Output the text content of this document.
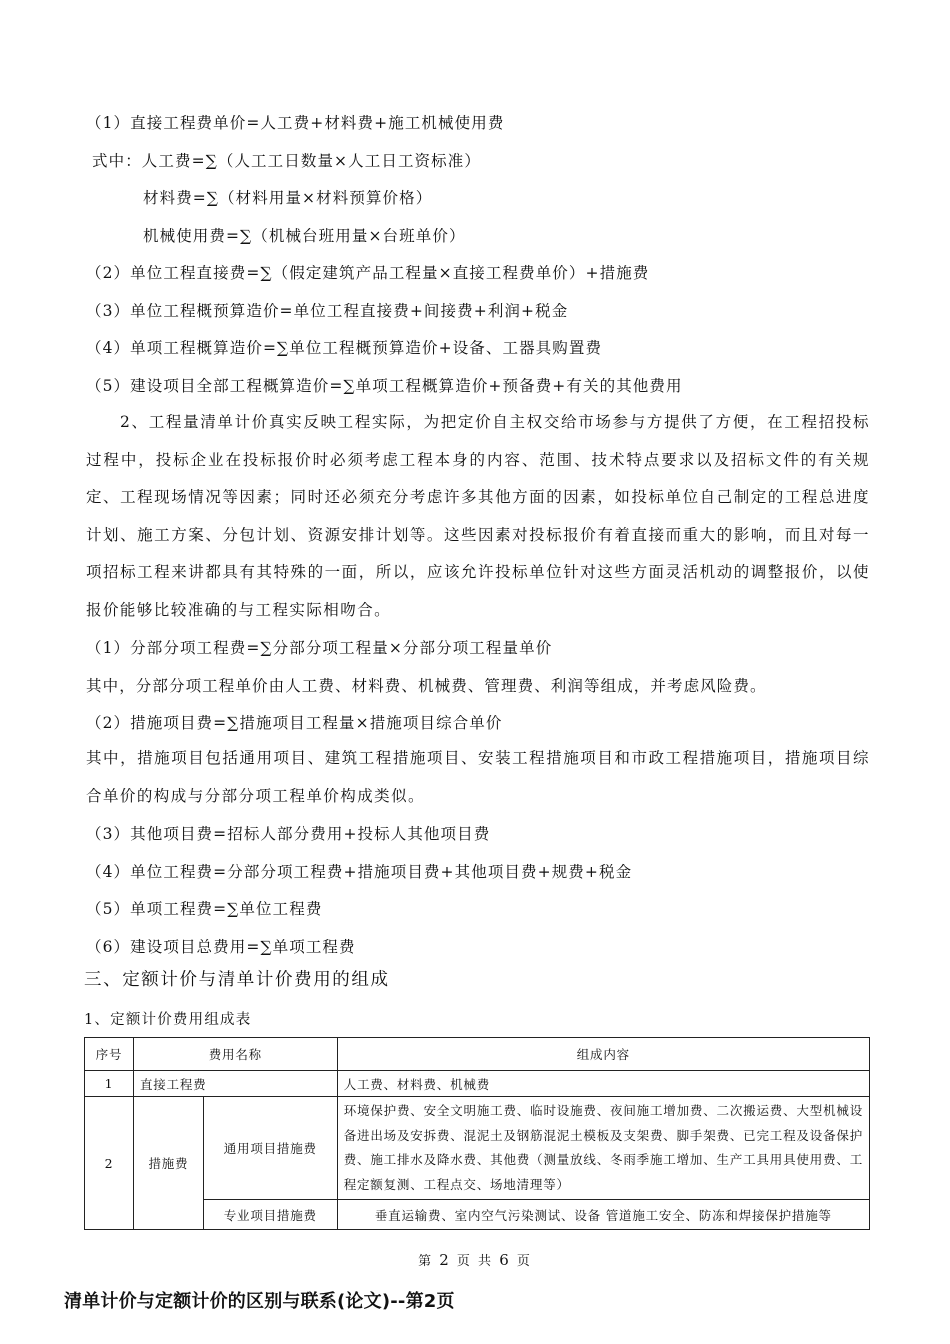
（1）直接工程费单价=人工费+材料费+施工机械使用费
式中：人工费=∑（人工工日数量×人工日工资标准）
材料费=∑（材料用量×材料预算价格）
机械使用费=∑（机械台班用量×台班单价）
（2）单位工程直接费=∑（假定建筑产品工程量×直接工程费单价）+措施费
（3）单位工程概预算造价=单位工程直接费+间接费+利润+税金
（4）单项工程概算造价=∑单位工程概预算造价+设备、工器具购置费
（5）建设项目全部工程概算造价=∑单项工程概算造价+预备费+有关的其他费用

2、工程量清单计价真实反映工程实际，为把定价自主权交给市场参与方提供了方便，在工程招投标过程中，投标企业在投标报价时必须考虑工程本身的内容、范围、技术特点要求以及招标文件的有关规定、工程现场情况等因素；同时还必须充分考虑许多其他方面的因素，如投标单位自己制定的工程总进度计划、施工方案、分包计划、资源安排计划等。这些因素对投标报价有着直接而重大的影响，而且对每一项招标工程来讲都具有其特殊的一面，所以，应该允许投标单位针对这些方面灵活机动的调整报价，以使报价能够比较准确的与工程实际相吻合。

（1）分部分项工程费=∑分部分项工程量×分部分项工程量单价
其中，分部分项工程单价由人工费、材料费、机械费、管理费、利润等组成，并考虑风险费。
（2）措施项目费=∑措施项目工程量×措施项目综合单价

其中，措施项目包括通用项目、建筑工程措施项目、安装工程措施项目和市政工程措施项目，措施项目综合单价的构成与分部分项工程单价构成类似。

（3）其他项目费=招标人部分费用+投标人其他项目费
（4）单位工程费=分部分项工程费+措施项目费+其他项目费+规费+税金
（5）单项工程费=∑单位工程费
（6）建设项目总费用=∑单项工程费
三、定额计价与清单计价费用的组成
1、定额计价费用组成表
序号	费用名称		组成内容
1	直接工程费		人工费、材料费、机械费
2	措施费	通用项目措施费	环境保护费、安全文明施工费、临时设施费、夜间施工增加费、二次搬运费、大型机械设备进出场及安拆费、混泥土及钢筋混泥土模板及支架费、脚手架费、已完工程及设备保护费、施工排水及降水费、其他费（测量放线、冬雨季施工增加、生产工具用具使用费、工程定额复测、工程点交、场地清理等）
		专业项目措施费	垂直运输费、室内空气污染测试、设备 管道施工安全、防冻和焊接保护措施等
第 2 页 共 6 页
清单计价与定额计价的区别与联系(论文)--第2页
